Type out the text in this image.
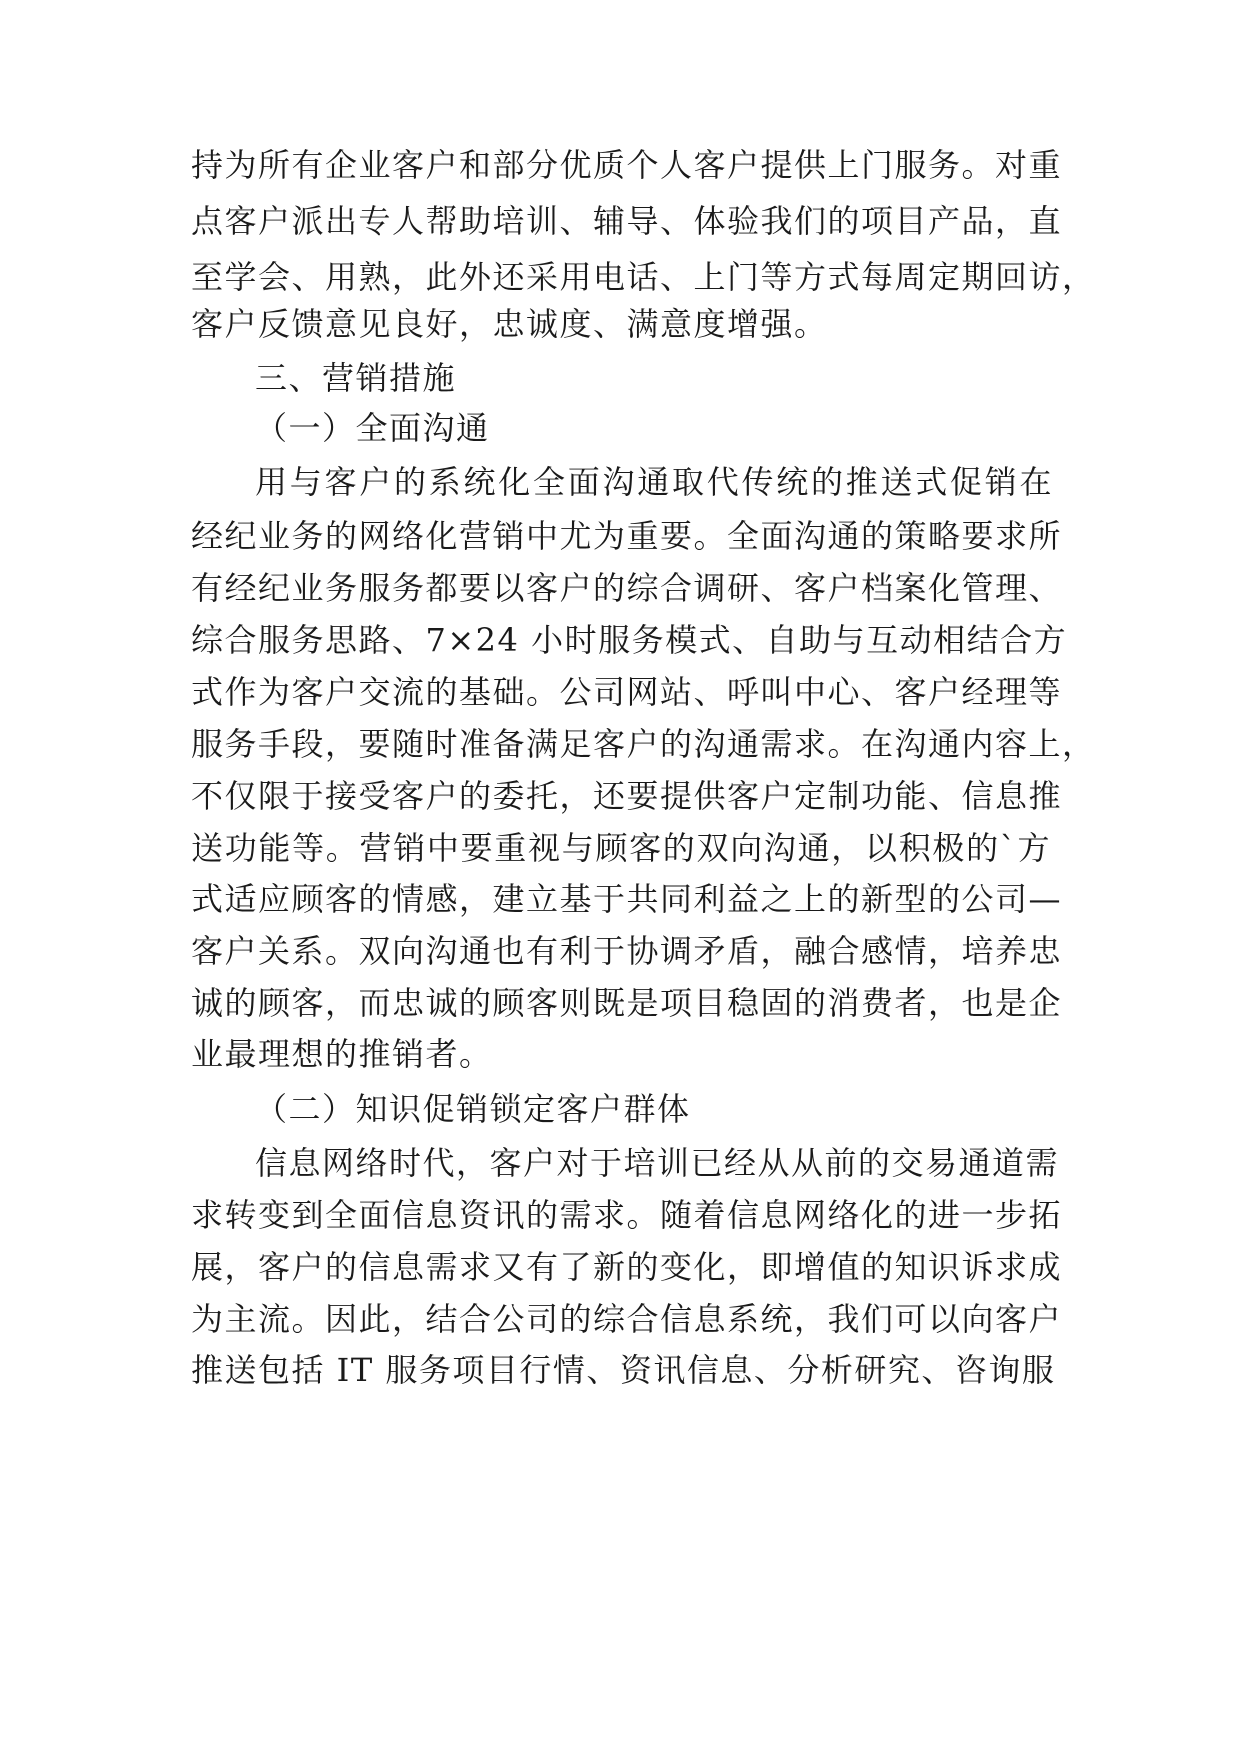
持为所有企业客户和部分优质个人客户提供上门服务。对重

点客户派出专人帮助培训、辅导、体验我们的项目产品，直

至学会、用熟，此外还采用电话、上门等方式每周定期回访，

客户反馈意见良好，忠诚度、满意度增强。

三、营销措施

（一）全面沟通

用与客户的系统化全面沟通取代传统的推送式促销在

经纪业务的网络化营销中尤为重要。全面沟通的策略要求所

有经纪业务服务都要以客户的综合调研、客户档案化管理、

综合服务思路、7×24 小时服务模式、自助与互动相结合方

式作为客户交流的基础。公司网站、呼叫中心、客户经理等

服务手段，要随时准备满足客户的沟通需求。在沟通内容上，

不仅限于接受客户的委托，还要提供客户定制功能、信息推

送功能等。营销中要重视与顾客的双向沟通，以积极的`方

式适应顾客的情感，建立基于共同利益之上的新型的公司—

客户关系。双向沟通也有利于协调矛盾，融合感情，培养忠

诚的顾客，而忠诚的顾客则既是项目稳固的消费者，也是企

业最理想的推销者。

（二）知识促销锁定客户群体

信息网络时代，客户对于培训已经从从前的交易通道需

求转变到全面信息资讯的需求。随着信息网络化的进一步拓

展，客户的信息需求又有了新的变化，即增值的知识诉求成

为主流。因此，结合公司的综合信息系统，我们可以向客户

推送包括 IT 服务项目行情、资讯信息、分析研究、咨询服
